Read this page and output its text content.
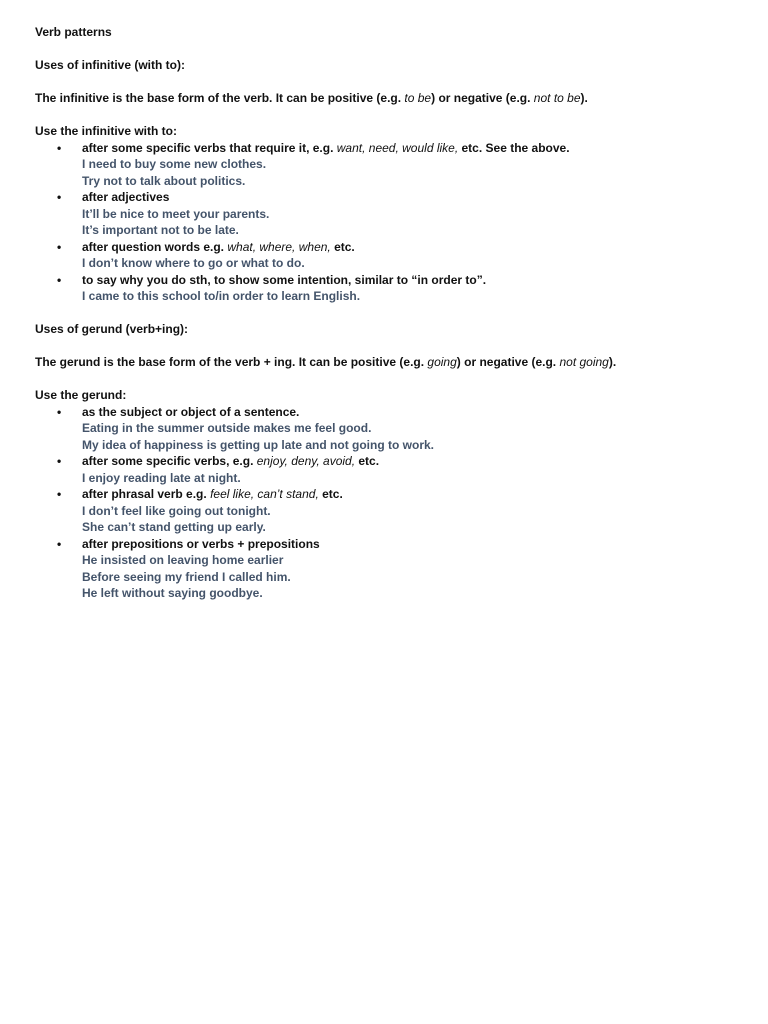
Verb patterns
Uses of infinitive (with to):
The infinitive is the base form of the verb. It can be positive (e.g. to be) or negative (e.g. not to be).
Use the infinitive with to:
• after some specific verbs that require it, e.g. want, need, would like, etc. See the above.
I need to buy some new clothes.
Try not to talk about politics.
• after adjectives
It’ll be nice to meet your parents.
It’s important not to be late.
• after question words e.g. what, where, when, etc.
I don’t know where to go or what to do.
• to say why you do sth, to show some intention, similar to “in order to”.
I came to this school to/in order to learn English.
Uses of gerund (verb+ing):
The gerund is the base form of the verb + ing. It can be positive (e.g. going) or negative (e.g. not going).
Use the gerund:
• as the subject or object of a sentence.
Eating in the summer outside makes me feel good.
My idea of happiness is getting up late and not going to work.
• after some specific verbs, e.g. enjoy, deny, avoid, etc.
I enjoy reading late at night.
• after phrasal verb e.g. feel like, can’t stand, etc.
I don’t feel like going out tonight.
She can’t stand getting up early.
• after prepositions or verbs + prepositions
He insisted on leaving home earlier
Before seeing my friend I called him.
He left without saying goodbye.
